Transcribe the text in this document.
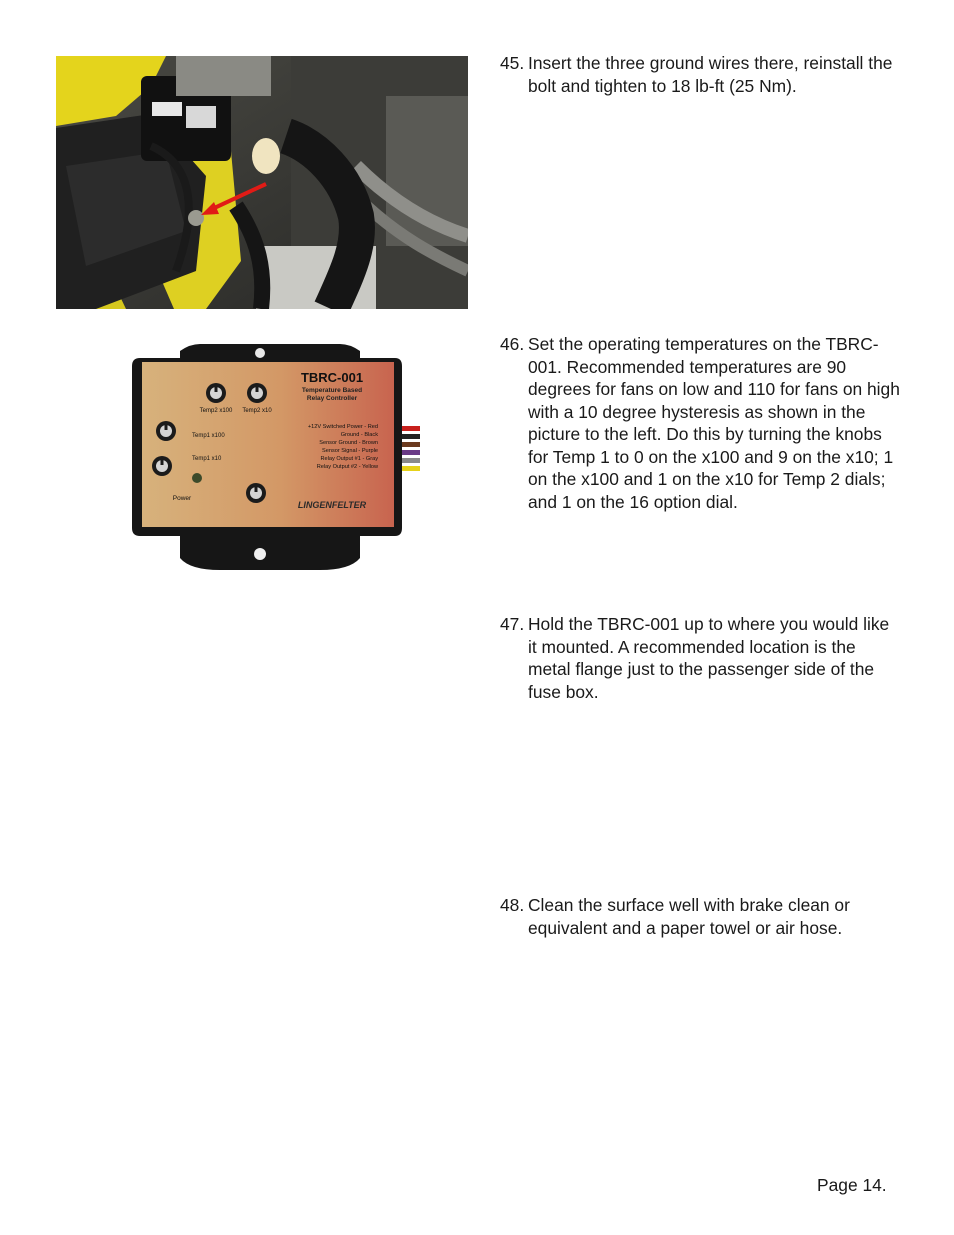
TBRC-001
Temperature Based
Relay Controller
Temp2 x100 Temp2 x10
Temp1 x100
Temp1 x10
Power
+12V Switched Power - Red
Ground - Black
Sensor Ground - Brown
Sensor Signal - Purple
Relay Output #1 - Gray
Relay Output #2 - Yellow
LINGENFELTER
45. Insert the three ground wires there, reinstall the bolt and tighten to 18 lb-ft (25 Nm).
46. Set the operating temperatures on the TBRC-001. Recommended temperatures are 90 degrees for fans on low and 110 for fans on high with a 10 degree hysteresis as shown in the picture to the left. Do this by turning the knobs for Temp 1 to 0 on the x100 and 9 on the x10; 1 on the x100 and 1 on the x10 for Temp 2 dials; and 1 on the 16 option dial.
47. Hold the TBRC-001 up to where you would like it mounted. A recommended location is the metal flange just to the passenger side of the fuse box.
48. Clean the surface well with brake clean or equivalent and a paper towel or air hose.
Page 14.
